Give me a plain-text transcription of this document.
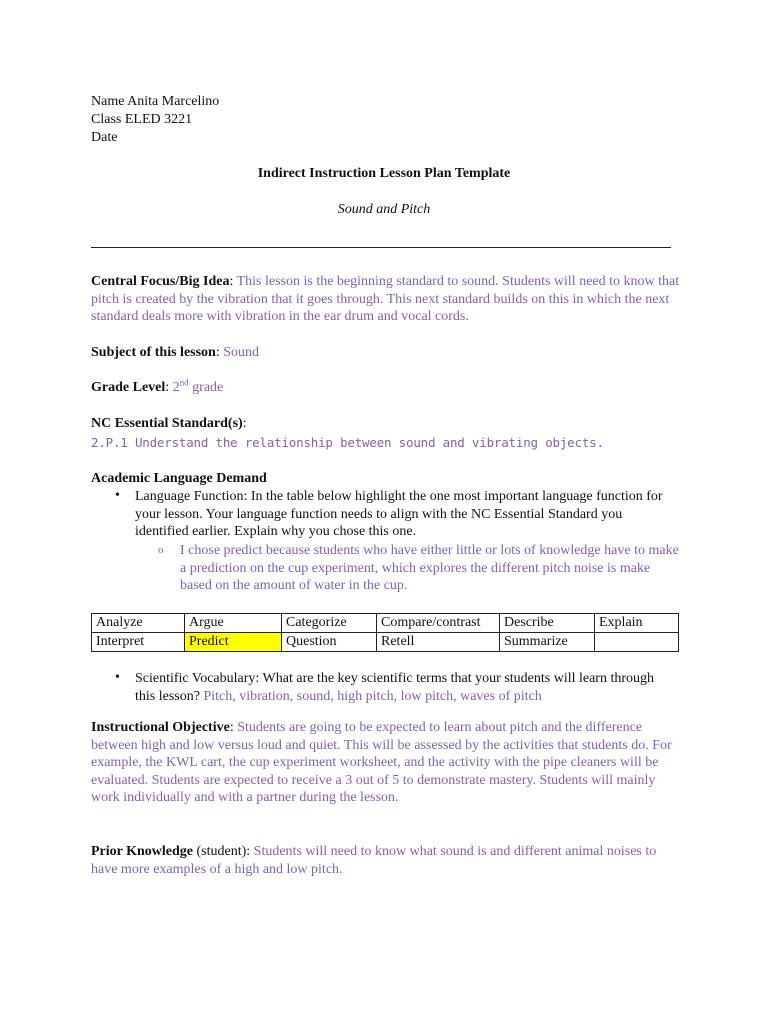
Name Anita Marcelino
Class ELED 3221
Date
Indirect Instruction Lesson Plan Template
Sound and Pitch
Central Focus/Big Idea: This lesson is the beginning standard to sound. Students will need to know that pitch is created by the vibration that it goes through. This next standard builds on this in which the next standard deals more with vibration in the ear drum and vocal cords.
Subject of this lesson: Sound
Grade Level: 2nd grade
NC Essential Standard(s):
2.P.1 Understand the relationship between sound and vibrating objects.
Academic Language Demand
• Language Function: In the table below highlight the one most important language function for your lesson. Your language function needs to align with the NC Essential Standard you identified earlier. Explain why you chose this one.
o I chose predict because students who have either little or lots of knowledge have to make a prediction on the cup experiment, which explores the different pitch noise is make based on the amount of water in the cup.
Analyze	Argue	Categorize	Compare/contrast	Describe	Explain
Interpret	Predict	Question	Retell	Summarize	
• Scientific Vocabulary: What are the key scientific terms that your students will learn through this lesson? Pitch, vibration, sound, high pitch, low pitch, waves of pitch
Instructional Objective: Students are going to be expected to learn about pitch and the difference between high and low versus loud and quiet. This will be assessed by the activities that students do. For example, the KWL cart, the cup experiment worksheet, and the activity with the pipe cleaners will be evaluated. Students are expected to receive a 3 out of 5 to demonstrate mastery. Students will mainly work individually and with a partner during the lesson.
Prior Knowledge (student): Students will need to know what sound is and different animal noises to have more examples of a high and low pitch.
